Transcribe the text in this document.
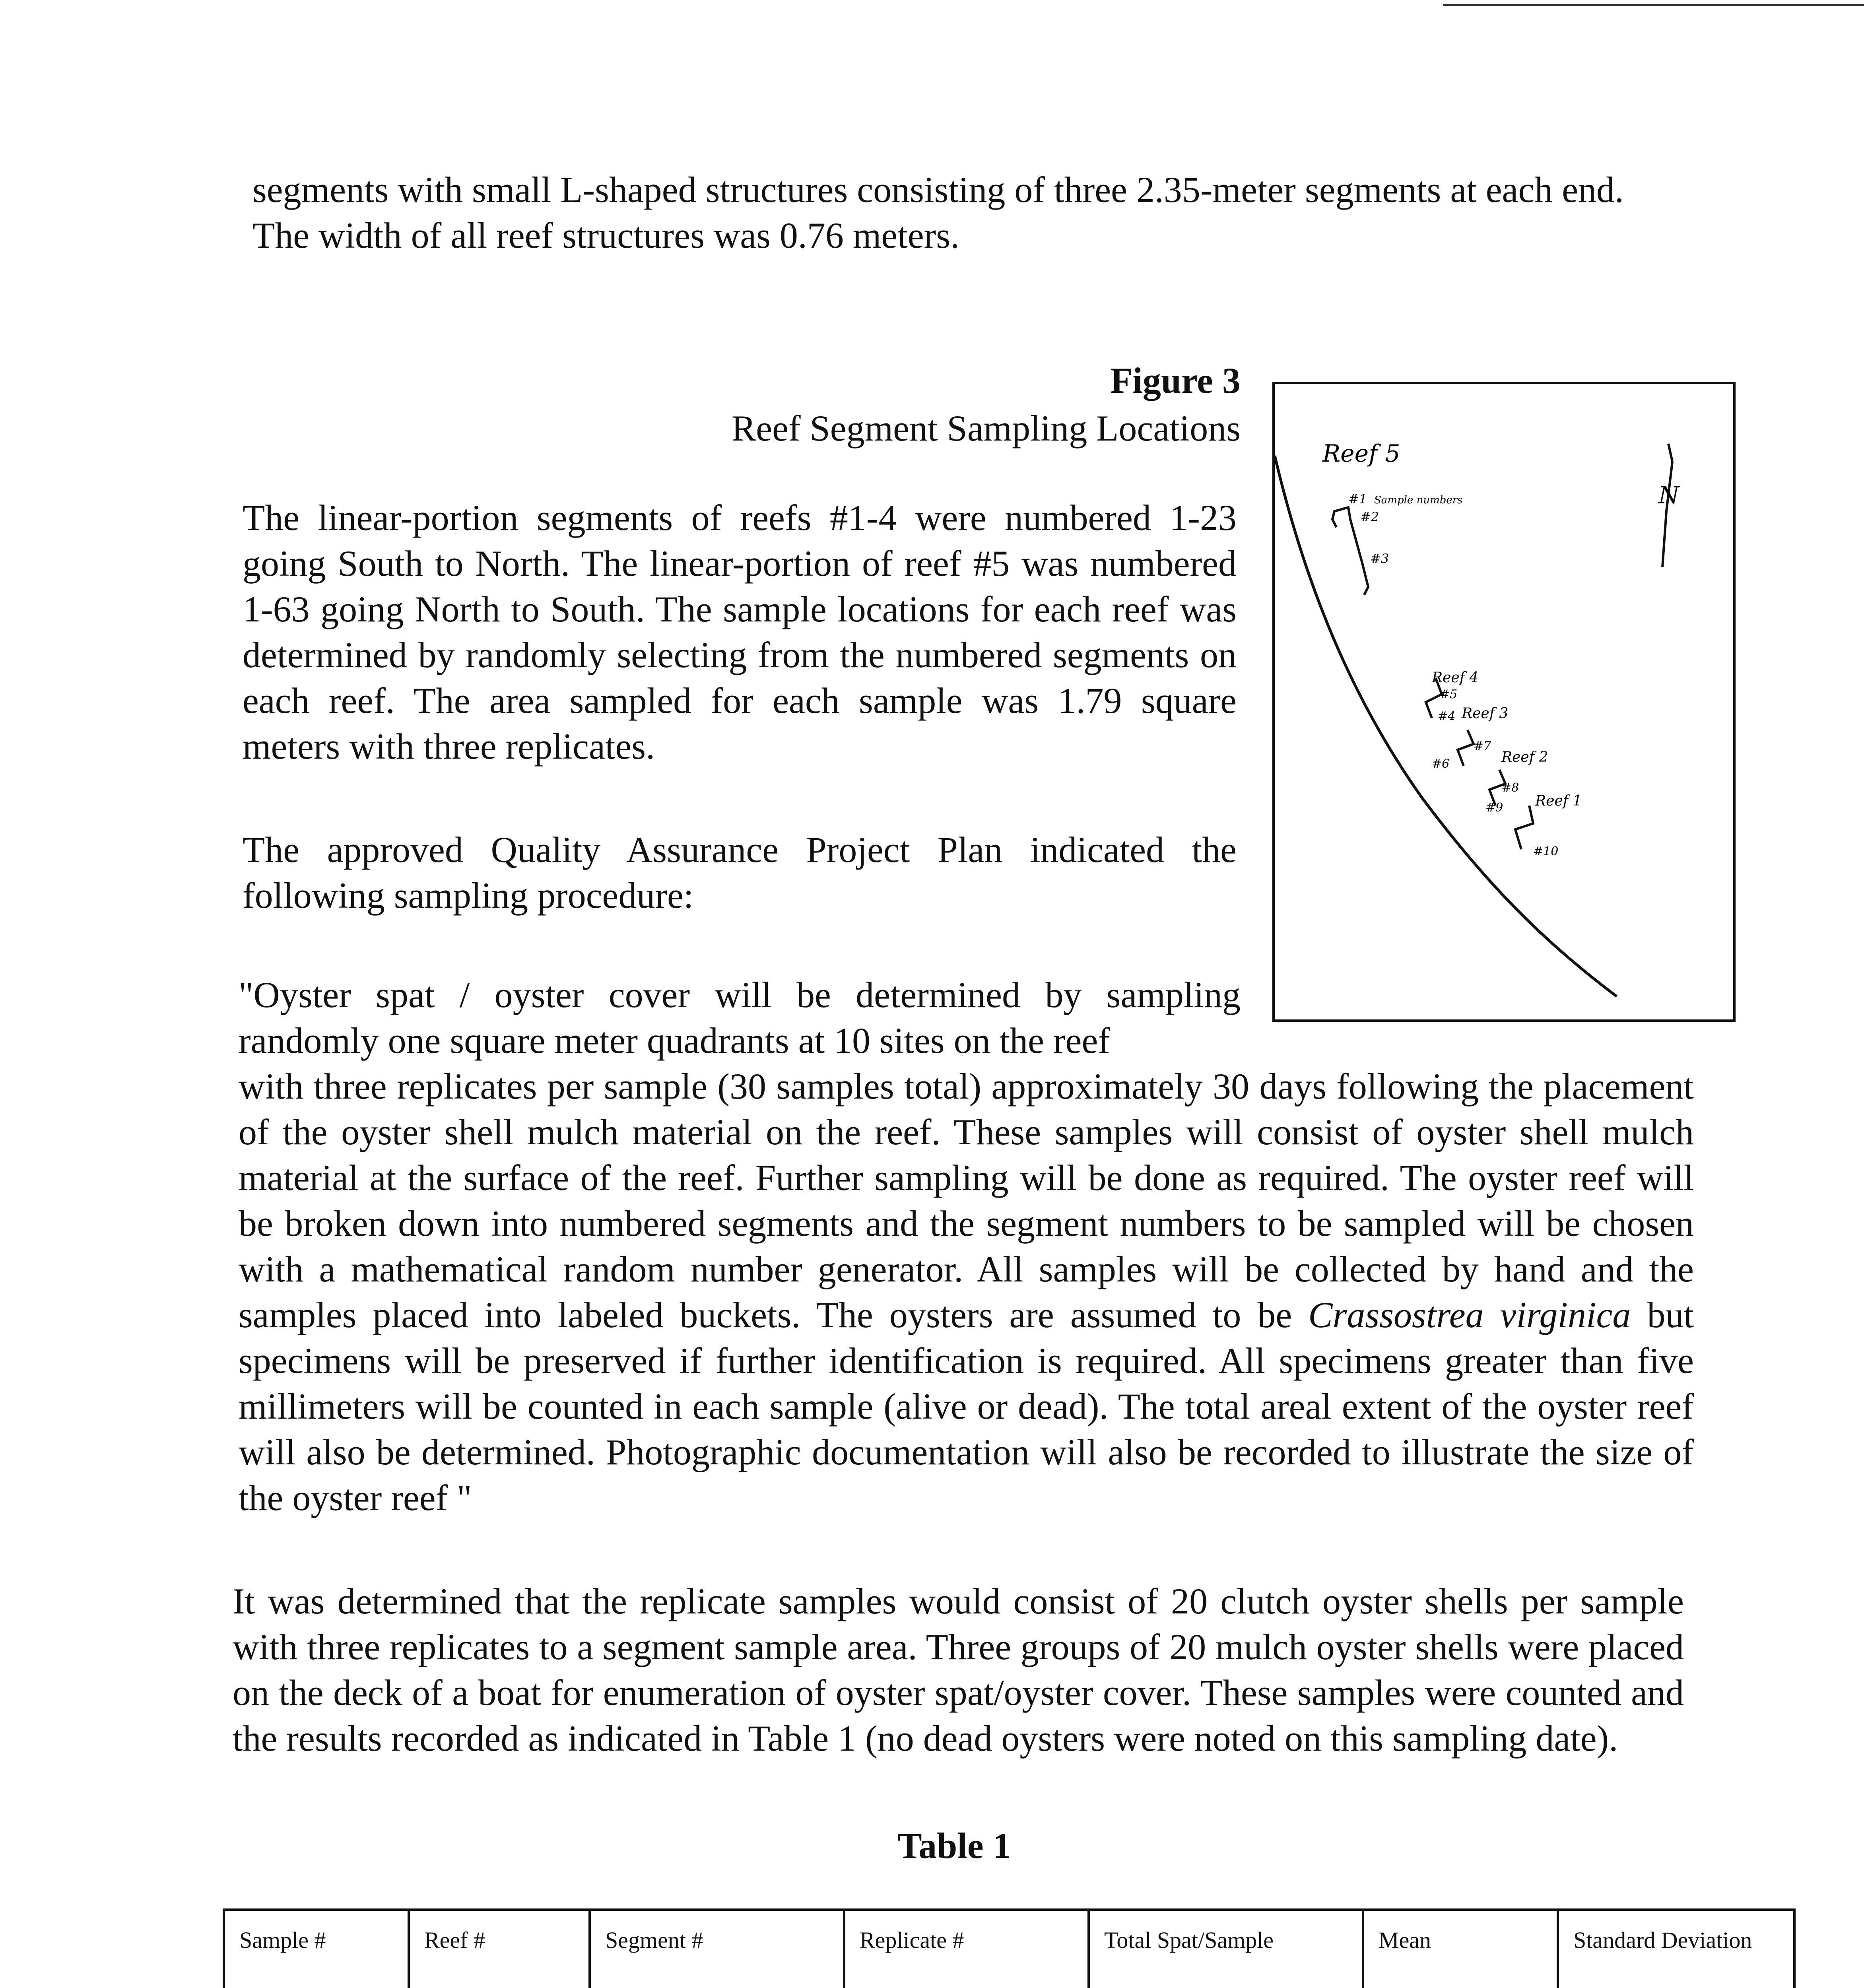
segments with small L-shaped structures consisting of three 2.35-meter segments at each end.

The width of all reef structures was 0.76 meters.

Figure 3

Reef Segment Sampling Locations

Reef 5
#1
#2
Sample numbers
#3
Reef 4
#5
#4 Reef 3
#6
#7
Reef 2
#8
#9 Reef 1
#10
N

The linear-portion segments of reefs #1-4 were numbered 1-23 going South to North. The linear-portion of reef #5 was numbered 1-63 going North to South. The sample locations for each reef was determined by randomly selecting from the numbered segments on each reef. The area sampled for each sample was 1.79 square meters with three replicates.

The approved Quality Assurance Project Plan indicated the following sampling procedure:

"Oyster spat / oyster cover will be determined by sampling randomly one square meter quadrants at 10 sites on the reef

with three replicates per sample (30 samples total) approximately 30 days following the placement of the oyster shell mulch material on the reef. These samples will consist of oyster shell mulch material at the surface of the reef. Further sampling will be done as required. The oyster reef will be broken down into numbered segments and the segment numbers to be sampled will be chosen with a mathematical random number generator. All samples will be collected by hand and the samples placed into labeled buckets. The oysters are assumed to be Crassostrea virginica but specimens will be preserved if further identification is required. All specimens greater than five millimeters will be counted in each sample (alive or dead). The total areal extent of the oyster reef will also be determined. Photographic documentation will also be recorded to illustrate the size of the oyster reef "

It was determined that the replicate samples would consist of 20 clutch oyster shells per sample with three replicates to a segment sample area. Three groups of 20 mulch oyster shells were placed on the deck of a boat for enumeration of oyster spat/oyster cover. These samples were counted and the results recorded as indicated in Table 1 (no dead oysters were noted on this sampling date).

Table 1

Sample #	Reef #	Segment #	Replicate #	Total Spat/Sample	Mean	Standard Deviation
